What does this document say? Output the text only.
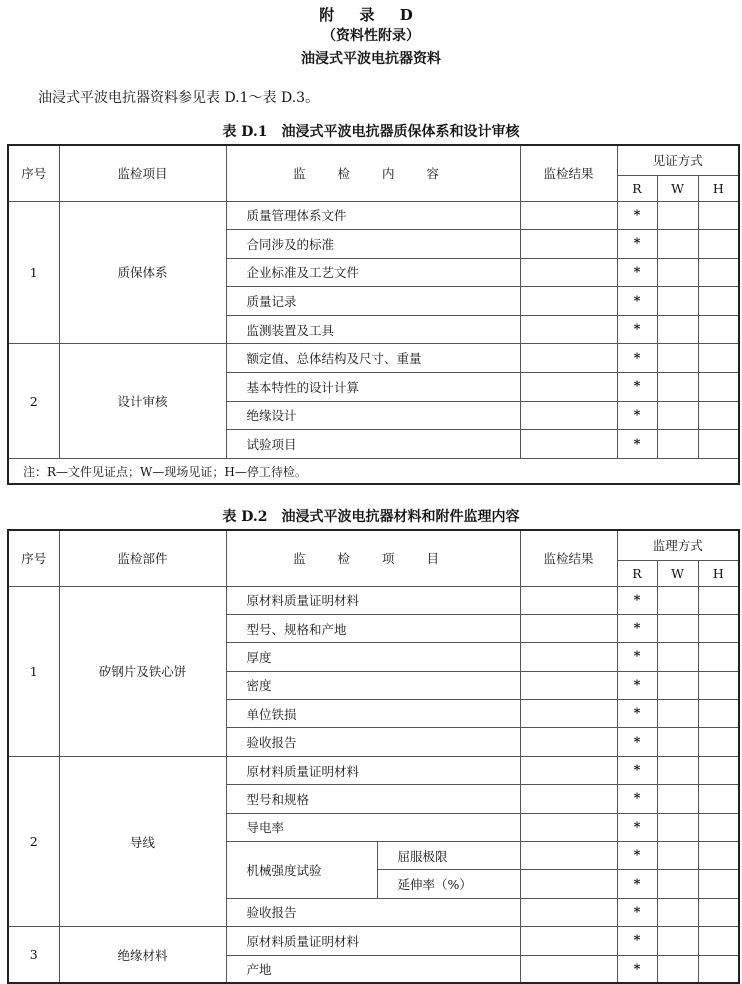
附 录 D
（资料性附录）
油浸式平波电抗器资料
油浸式平波电抗器资料参见表 D.1～表 D.3。
表 D.1　油浸式平波电抗器质保体系和设计审核
序号	监检项目	监 检 内 容	监检结果	见证方式		
				R	W	H
1	质保体系	质量管理体系文件		*		
		合同涉及的标准		*		
		企业标准及工艺文件		*		
		质量记录		*		
		监测装置及工具		*		
2	设计审核	额定值、总体结构及尺寸、重量		*		
		基本特性的设计计算		*		
		绝缘设计		*		
		试验项目		*		
注：R—文件见证点；W—现场见证；H—停工待检。						
表 D.2　油浸式平波电抗器材料和附件监理内容
序号	监检部件	监 检 项 目		监检结果	监理方式		
					R	W	H
1	矽钢片及铁心饼	原材料质量证明材料			*		
		型号、规格和产地			*		
		厚度			*		
		密度			*		
		单位铁损			*		
		验收报告			*		
2	导线	原材料质量证明材料			*		
		型号和规格			*		
		导电率			*		
		机械强度试验	屈服极限		*		
			延伸率（%）		*		
		验收报告			*		
3	绝缘材料	原材料质量证明材料			*		
		产地			*		
